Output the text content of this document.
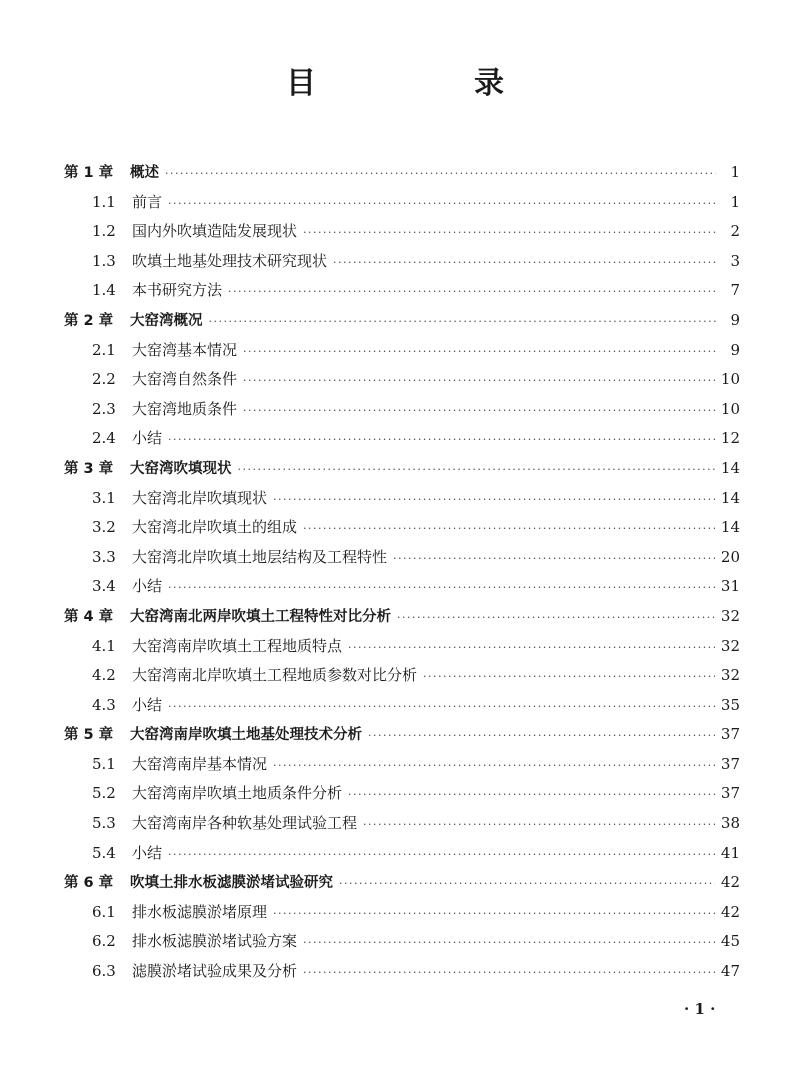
目　录
第 1 章	概述 ·····	1
1.1	前言 ·····	1
1.2	国内外吹填造陆发展现状 ·····	2
1.3	吹填土地基处理技术研究现状 ·····	3
1.4	本书研究方法 ·····	7
第 2 章	大窑湾概况 ·····	9
2.1	大窑湾基本情况 ·····	9
2.2	大窑湾自然条件 ·····	10
2.3	大窑湾地质条件 ·····	10
2.4	小结 ·····	12
第 3 章	大窑湾吹填现状 ·····	14
3.1	大窑湾北岸吹填现状 ·····	14
3.2	大窑湾北岸吹填土的组成 ·····	14
3.3	大窑湾北岸吹填土地层结构及工程特性 ·····	20
3.4	小结 ·····	31
第 4 章	大窑湾南北两岸吹填土工程特性对比分析 ·····	32
4.1	大窑湾南岸吹填土工程地质特点 ·····	32
4.2	大窑湾南北岸吹填土工程地质参数对比分析 ·····	32
4.3	小结 ·····	35
第 5 章	大窑湾南岸吹填土地基处理技术分析 ·····	37
5.1	大窑湾南岸基本情况 ·····	37
5.2	大窑湾南岸吹填土地质条件分析 ·····	37
5.3	大窑湾南岸各种软基处理试验工程 ·····	38
5.4	小结 ·····	41
第 6 章	吹填土排水板滤膜淤堵试验研究 ·····	42
6.1	排水板滤膜淤堵原理 ·····	42
6.2	排水板滤膜淤堵试验方案 ·····	45
6.3	滤膜淤堵试验成果及分析 ·····	47
· 1 ·
